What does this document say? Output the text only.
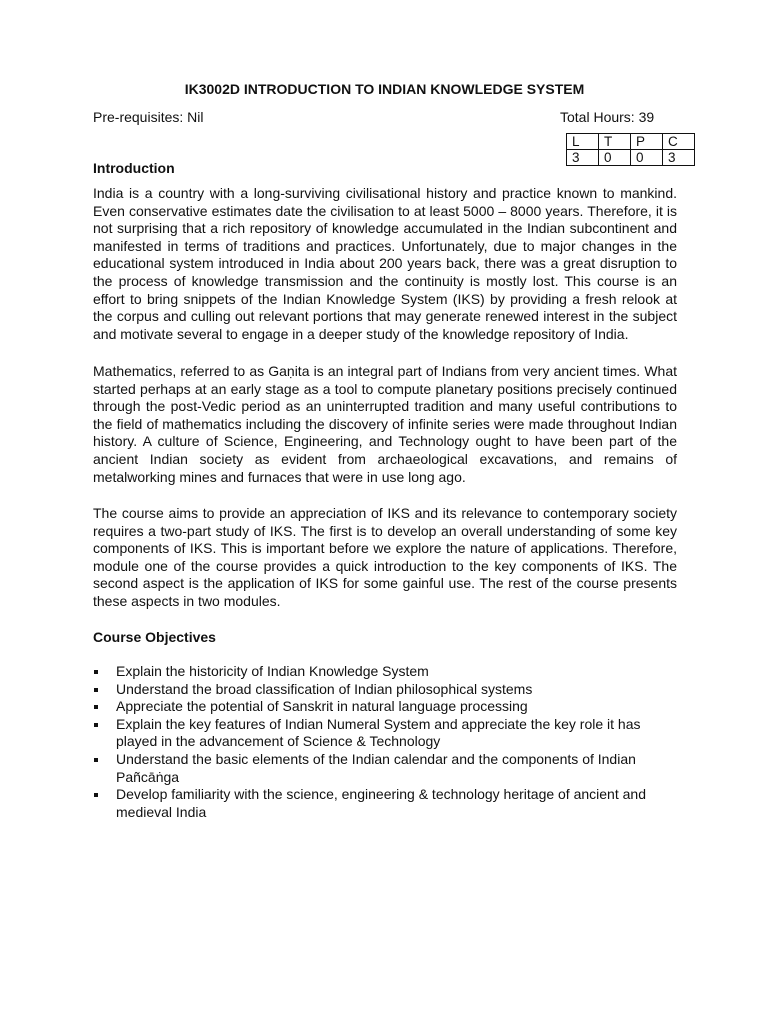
IK3002D INTRODUCTION TO INDIAN KNOWLEDGE SYSTEM
Pre-requisites: Nil	Total Hours: 39
L	T	P	C
3	0	0	3
Introduction
India is a country with a long-surviving civilisational history and practice known to mankind. Even conservative estimates date the civilisation to at least 5000 – 8000 years. Therefore, it is not surprising that a rich repository of knowledge accumulated in the Indian subcontinent and manifested in terms of traditions and practices. Unfortunately, due to major changes in the educational system introduced in India about 200 years back, there was a great disruption to the process of knowledge transmission and the continuity is mostly lost. This course is an effort to bring snippets of the Indian Knowledge System (IKS) by providing a fresh relook at the corpus and culling out relevant portions that may generate renewed interest in the subject and motivate several to engage in a deeper study of the knowledge repository of India.
Mathematics, referred to as Gaṇita is an integral part of Indians from very ancient times. What started perhaps at an early stage as a tool to compute planetary positions precisely continued through the post-Vedic period as an uninterrupted tradition and many useful contributions to the field of mathematics including the discovery of infinite series were made throughout Indian history. A culture of Science, Engineering, and Technology ought to have been part of the ancient Indian society as evident from archaeological excavations, and remains of metalworking mines and furnaces that were in use long ago.
The course aims to provide an appreciation of IKS and its relevance to contemporary society requires a two-part study of IKS. The first is to develop an overall understanding of some key components of IKS. This is important before we explore the nature of applications. Therefore, module one of the course provides a quick introduction to the key components of IKS. The second aspect is the application of IKS for some gainful use. The rest of the course presents these aspects in two modules.
Course Objectives
Explain the historicity of Indian Knowledge System
Understand the broad classification of Indian philosophical systems
Appreciate the potential of Sanskrit in natural language processing
Explain the key features of Indian Numeral System and appreciate the key role it has played in the advancement of Science & Technology
Understand the basic elements of the Indian calendar and the components of Indian Pañcāṅga
Develop familiarity with the science, engineering & technology heritage of ancient and medieval India
